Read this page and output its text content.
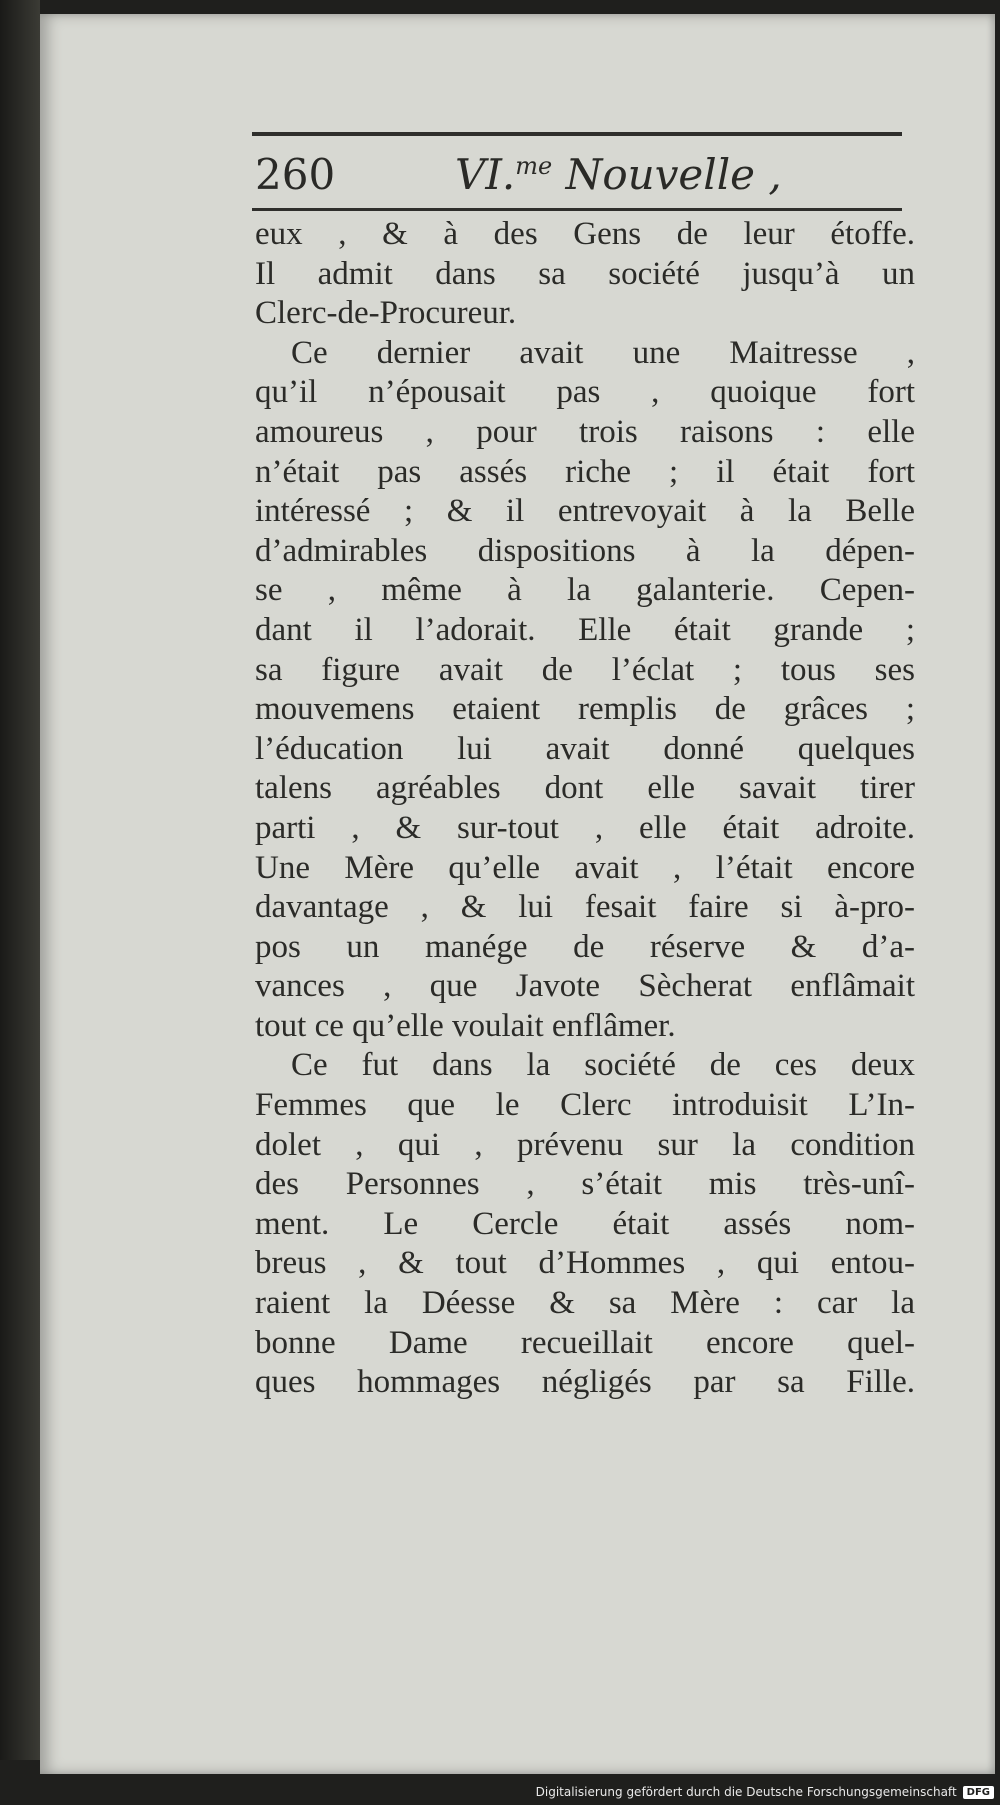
260	VI.$^{me}$ Nouvelle ,
eux , & à des Gens de leur étoffe.
Il admit dans sa société jusqu’à un
Clerc-de-Procureur.
Ce dernier avait une Maitresse ,
qu’il n’épousait pas , quoique fort
amoureus , pour trois raisons : elle
n’était pas assés riche ; il était fort
intéressé ; & il entrevoyait à la Belle
d’admirables dispositions à la dépen-
se , même à la galanterie. Cepen-
dant il l’adorait. Elle était grande ;
sa figure avait de l’éclat ; tous ses
mouvemens etaient remplis de grâces ;
l’éducation lui avait donné quelques
talens agréables dont elle savait tirer
parti , & sur-tout , elle était adroite.
Une Mère qu’elle avait , l’était encore
davantage , & lui fesait faire si à-pro-
pos un manége de réserve & d’a-
vances , que Javote Sècherat enflâmait
tout ce qu’elle voulait enflâmer.
Ce fut dans la société de ces deux
Femmes que le Clerc introduisit L’In-
dolet , qui , prévenu sur la condition
des Personnes , s’était mis très-unî-
ment. Le Cercle était assés nom-
breus , & tout d’Hommes , qui entou-
raient la Déesse & sa Mère : car la
bonne Dame recueillait encore quel-
ques hommages négligés par sa Fille.
Digitalisierung gefördert durch die Deutsche Forschungsgemeinschaft	DFG
